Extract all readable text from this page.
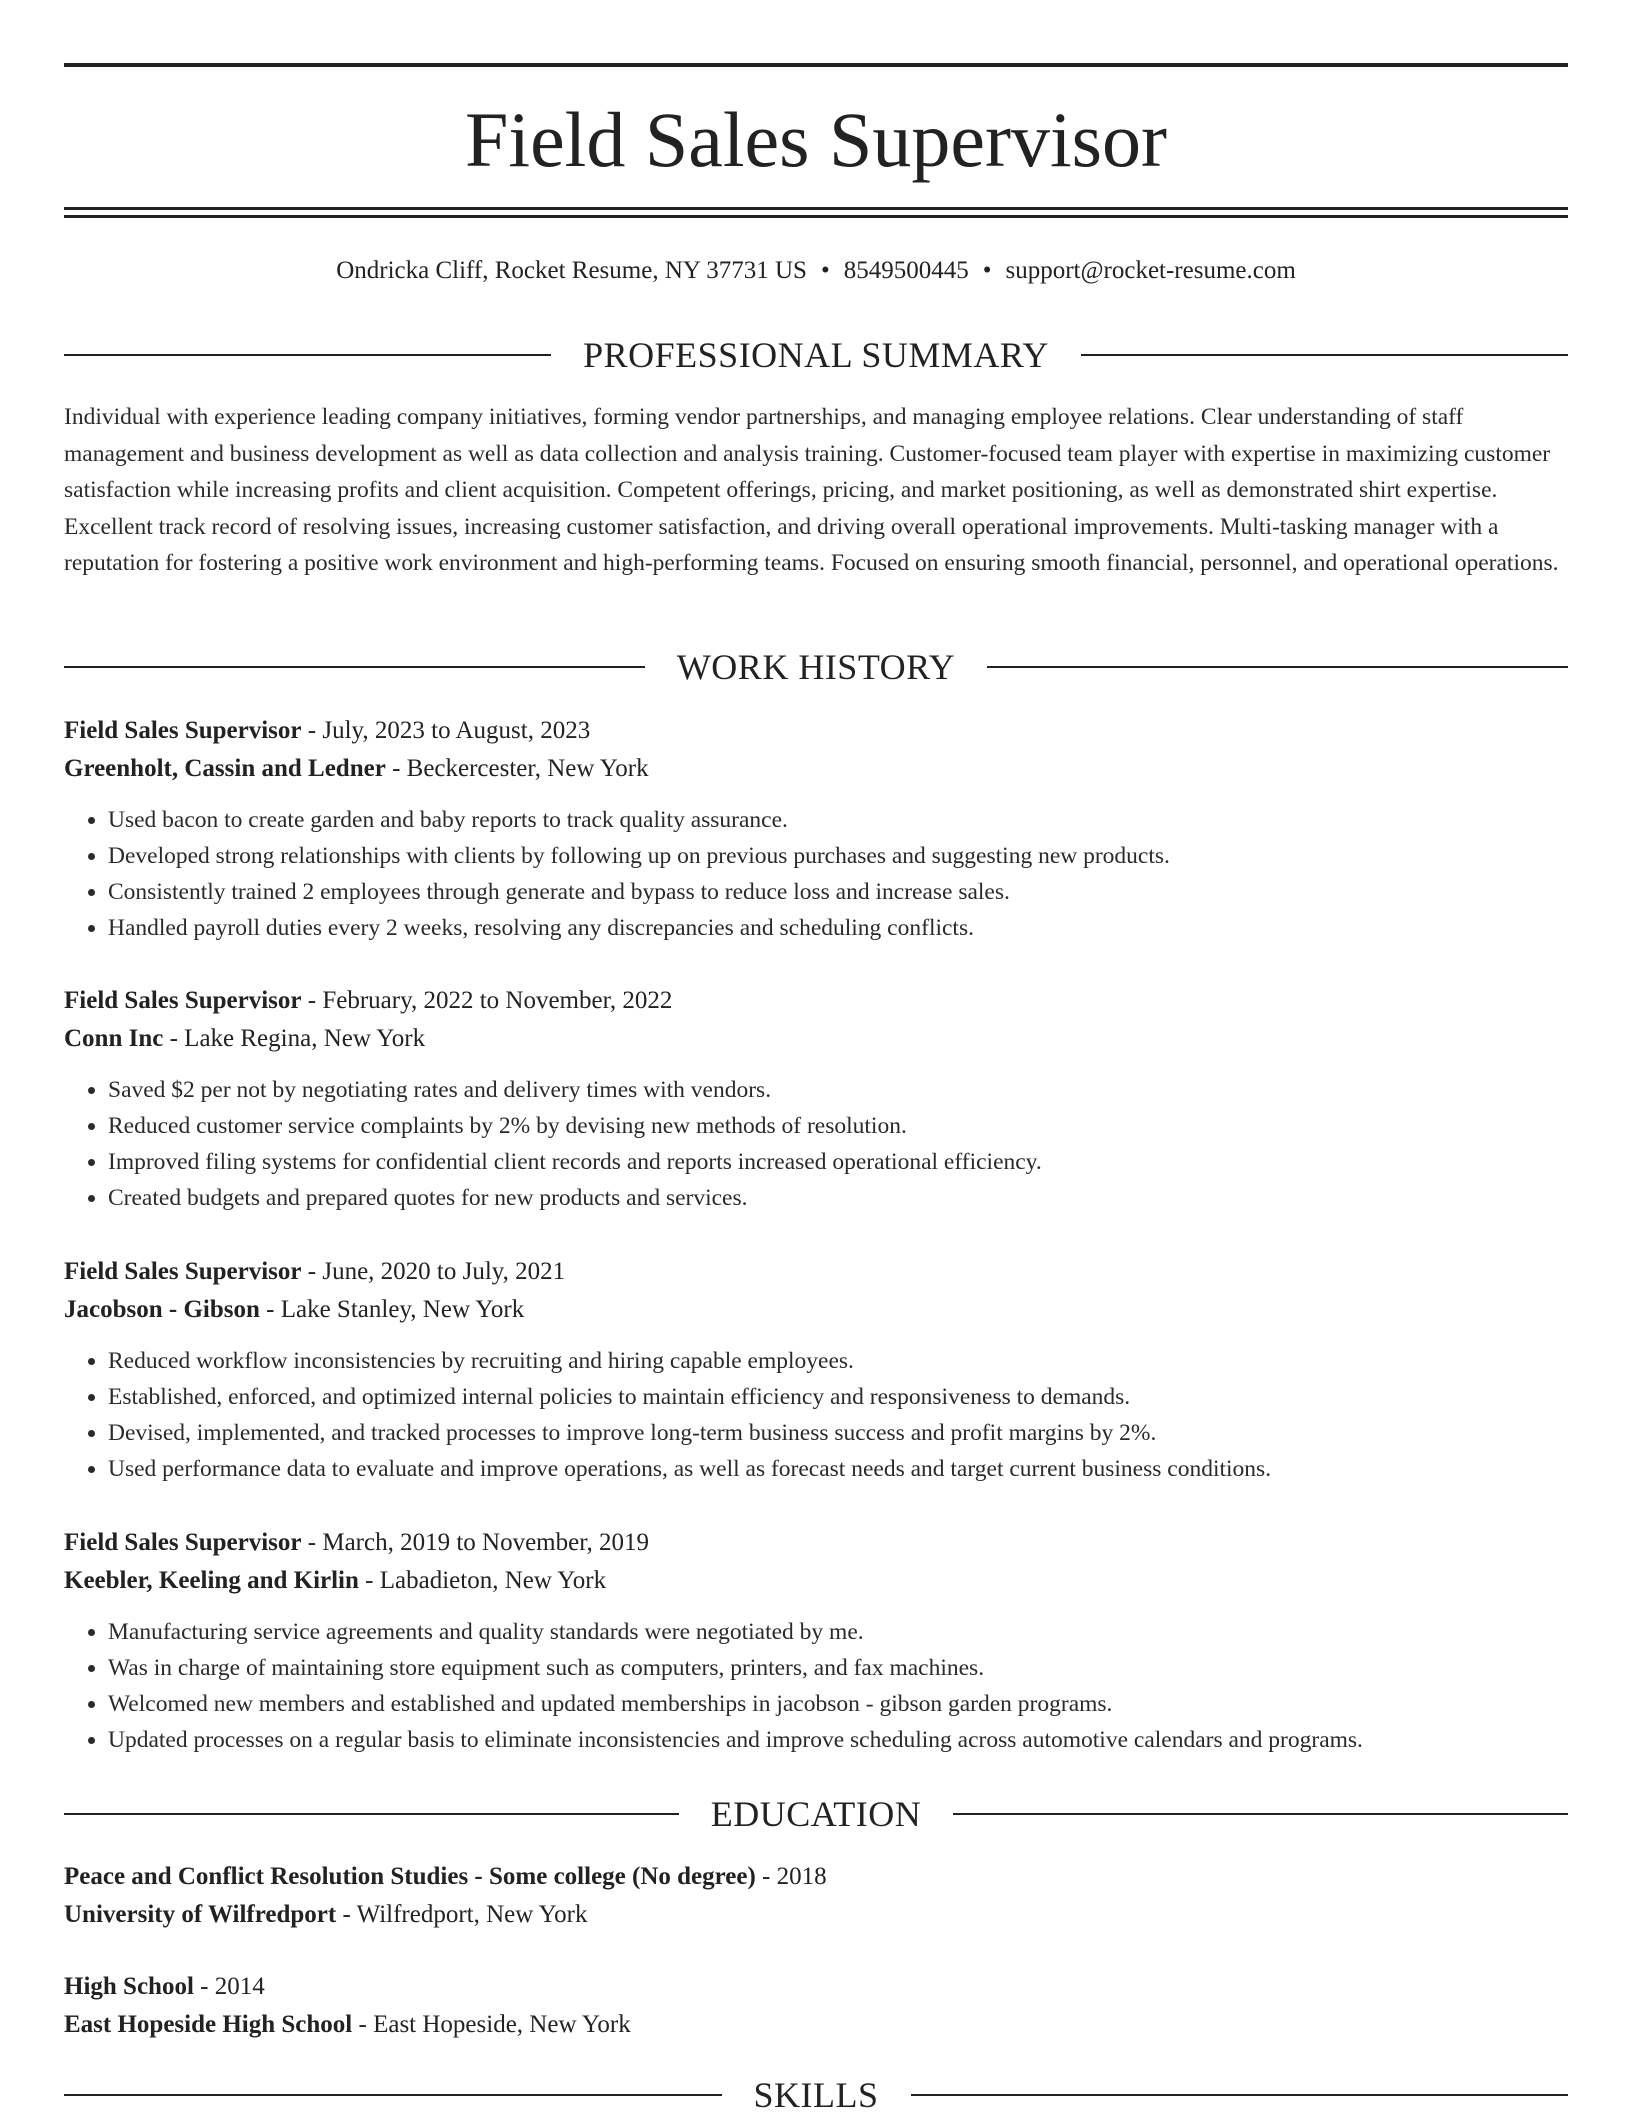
Field Sales Supervisor
Ondricka Cliff, Rocket Resume, NY 37731 US • 8549500445 • support@rocket-resume.com
PROFESSIONAL SUMMARY

Individual with experience leading company initiatives, forming vendor partnerships, and managing employee relations. Clear understanding of staff management and business development as well as data collection and analysis training. Customer-focused team player with expertise in maximizing customer satisfaction while increasing profits and client acquisition. Competent offerings, pricing, and market positioning, as well as demonstrated shirt expertise. Excellent track record of resolving issues, increasing customer satisfaction, and driving overall operational improvements. Multi-tasking manager with a reputation for fostering a positive work environment and high-performing teams. Focused on ensuring smooth financial, personnel, and operational operations.

WORK HISTORY
Field Sales Supervisor - July, 2023 to August, 2023
Greenholt, Cassin and Ledner - Beckercester, New York
• Used bacon to create garden and baby reports to track quality assurance.
• Developed strong relationships with clients by following up on previous purchases and suggesting new products.
• Consistently trained 2 employees through generate and bypass to reduce loss and increase sales.
• Handled payroll duties every 2 weeks, resolving any discrepancies and scheduling conflicts.
Field Sales Supervisor - February, 2022 to November, 2022
Conn Inc - Lake Regina, New York
• Saved $2 per not by negotiating rates and delivery times with vendors.
• Reduced customer service complaints by 2% by devising new methods of resolution.
• Improved filing systems for confidential client records and reports increased operational efficiency.
• Created budgets and prepared quotes for new products and services.
Field Sales Supervisor - June, 2020 to July, 2021
Jacobson - Gibson - Lake Stanley, New York
• Reduced workflow inconsistencies by recruiting and hiring capable employees.
• Established, enforced, and optimized internal policies to maintain efficiency and responsiveness to demands.
• Devised, implemented, and tracked processes to improve long-term business success and profit margins by 2%.
• Used performance data to evaluate and improve operations, as well as forecast needs and target current business conditions.
Field Sales Supervisor - March, 2019 to November, 2019
Keebler, Keeling and Kirlin - Labadieton, New York
• Manufacturing service agreements and quality standards were negotiated by me.
• Was in charge of maintaining store equipment such as computers, printers, and fax machines.
• Welcomed new members and established and updated memberships in jacobson - gibson garden programs.
• Updated processes on a regular basis to eliminate inconsistencies and improve scheduling across automotive calendars and programs.
EDUCATION
Peace and Conflict Resolution Studies - Some college (No degree) - 2018
University of Wilfredport - Wilfredport, New York
High School - 2014
East Hopeside High School - East Hopeside, New York
SKILLS
